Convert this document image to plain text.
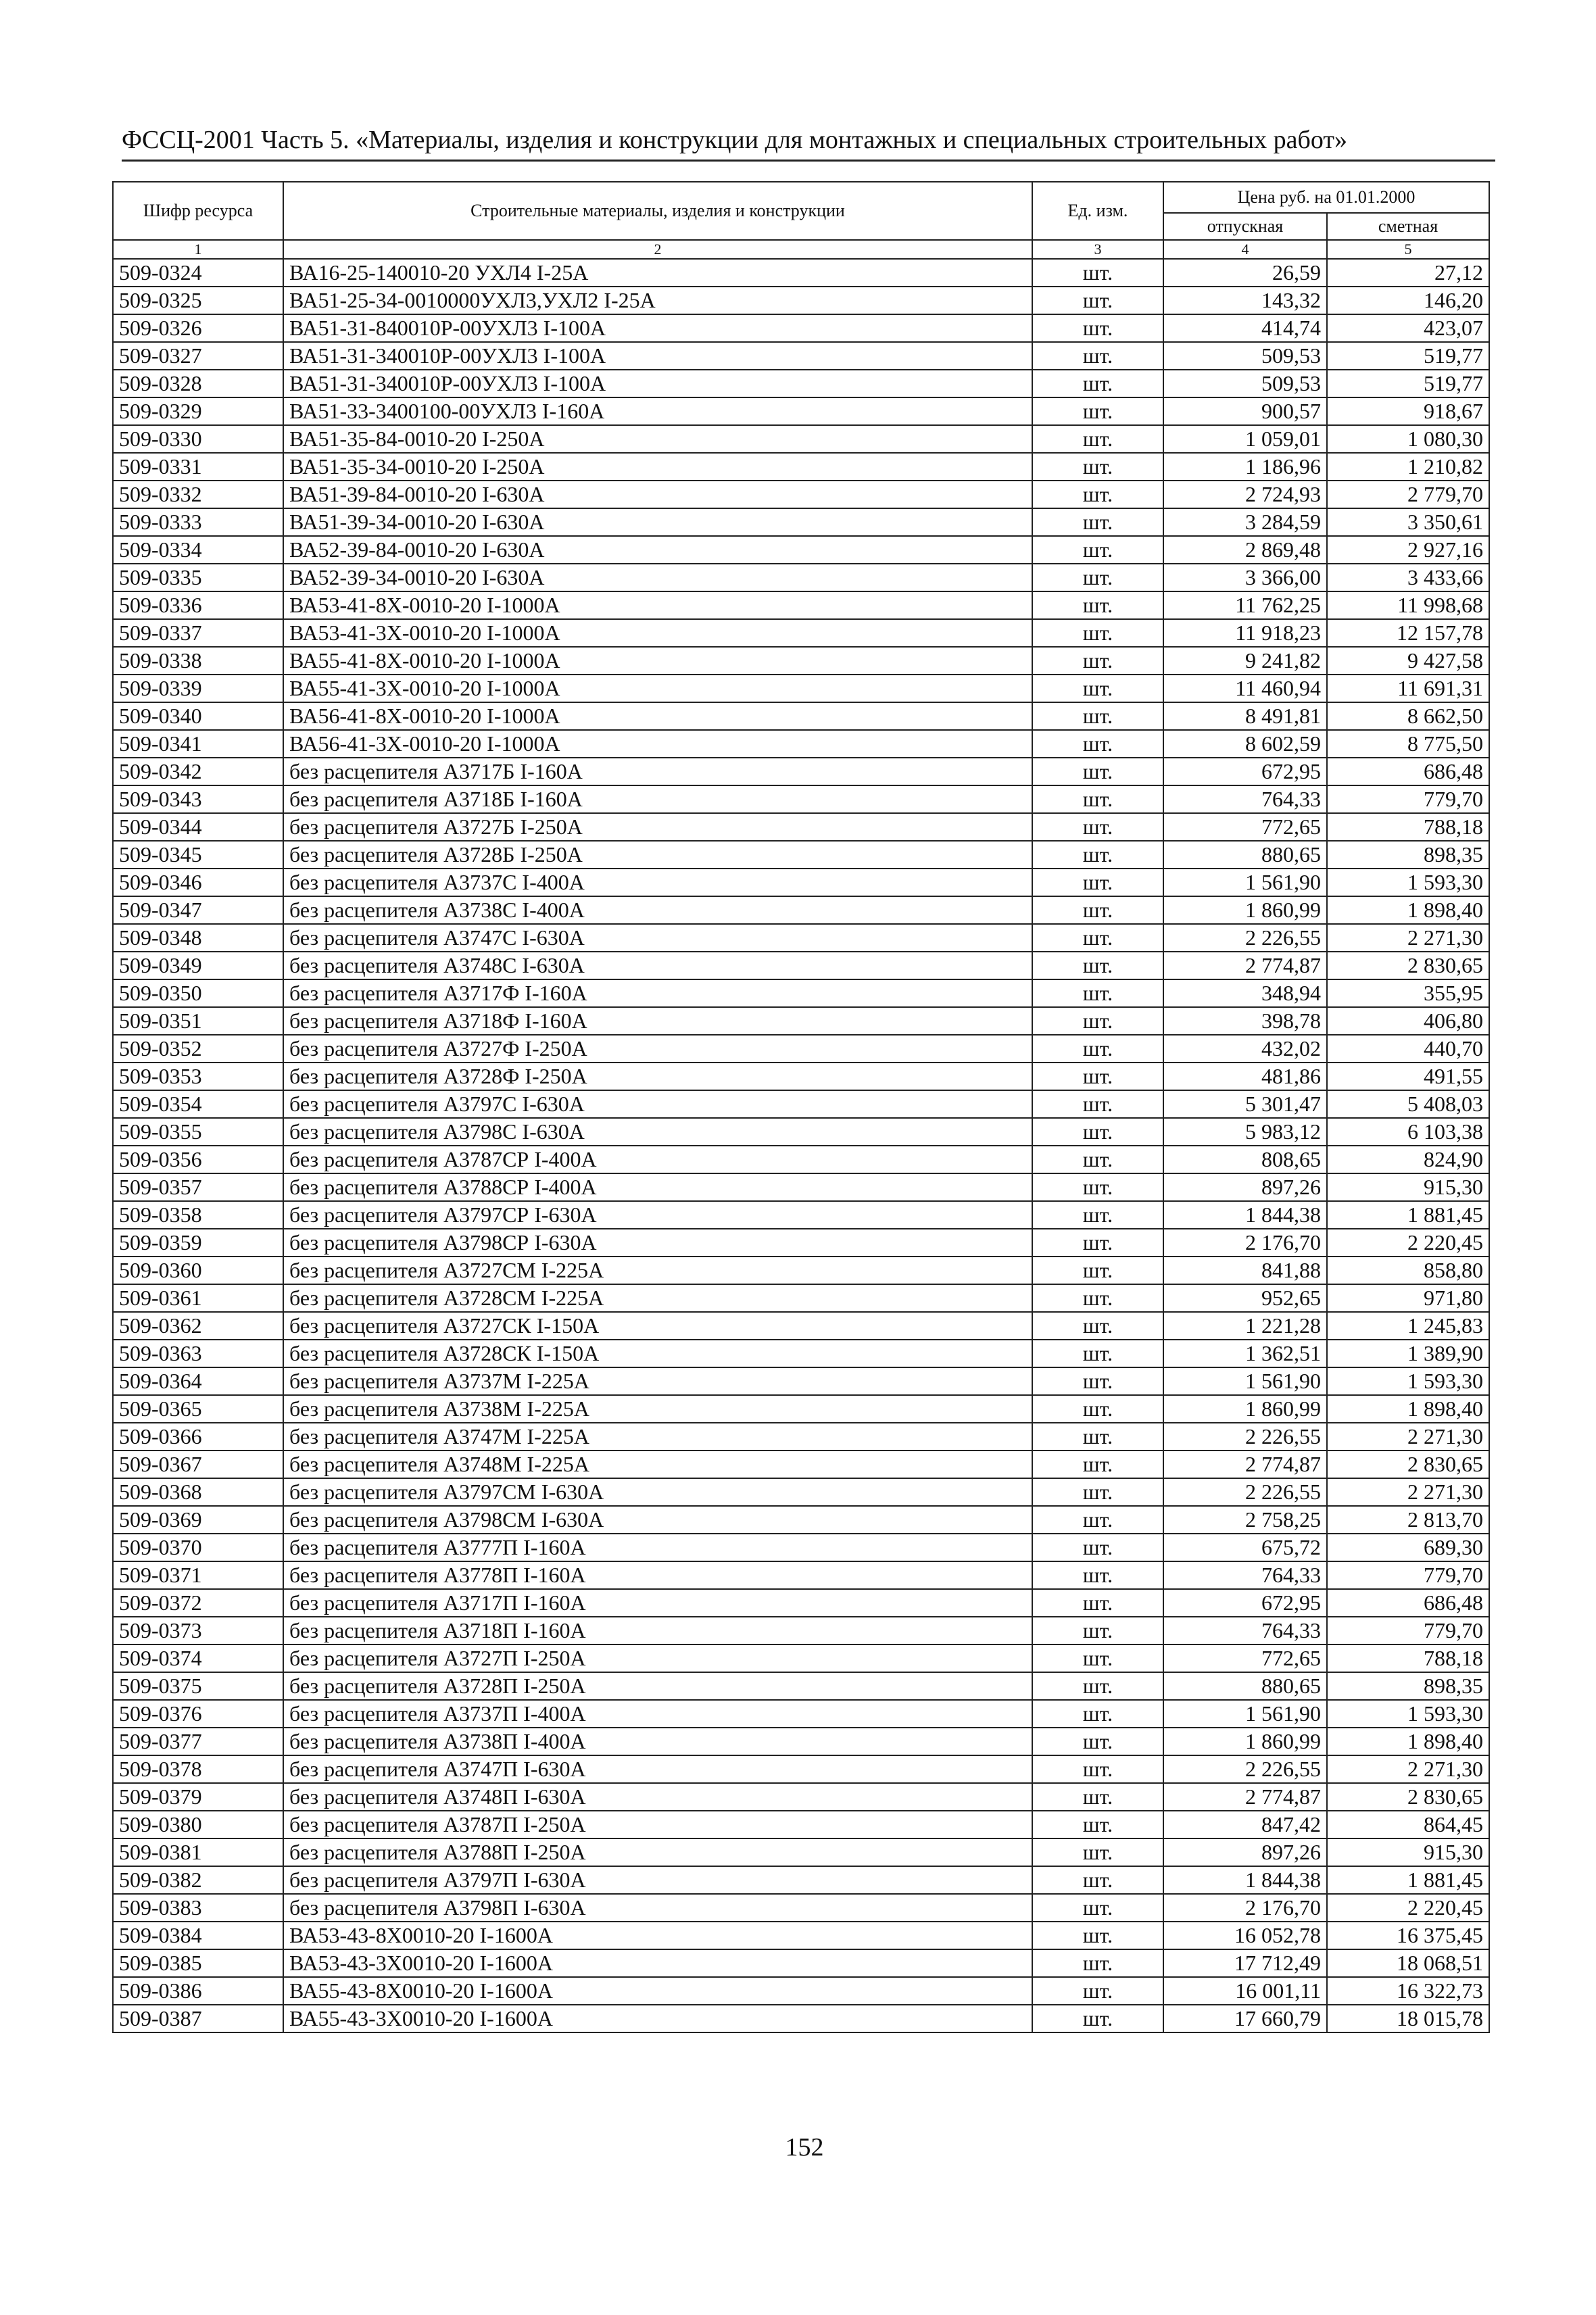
ФССЦ-2001 Часть 5. «Материалы, изделия и конструкции для монтажных и специальных строительных работ»
Шифр ресурса	Строительные материалы, изделия и конструкции	Ед. изм.	Цена руб. на 01.01.2000	
			отпускная	сметная
1	2	3	4	5
509-0324	ВА16-25-140010-20 УХЛ4 I-25А	шт.	26,59	27,12
509-0325	ВА51-25-34-0010000УХЛ3,УХЛ2 I-25А	шт.	143,32	146,20
509-0326	ВА51-31-840010Р-00УХЛ3 I-100А	шт.	414,74	423,07
509-0327	ВА51-31-340010Р-00УХЛ3 I-100А	шт.	509,53	519,77
509-0328	ВА51-31-340010Р-00УХЛ3 I-100А	шт.	509,53	519,77
509-0329	ВА51-33-3400100-00УХЛ3 I-160А	шт.	900,57	918,67
509-0330	ВА51-35-84-0010-20 I-250А	шт.	1 059,01	1 080,30
509-0331	ВА51-35-34-0010-20 I-250А	шт.	1 186,96	1 210,82
509-0332	ВА51-39-84-0010-20 I-630А	шт.	2 724,93	2 779,70
509-0333	ВА51-39-34-0010-20 I-630А	шт.	3 284,59	3 350,61
509-0334	ВА52-39-84-0010-20 I-630А	шт.	2 869,48	2 927,16
509-0335	ВА52-39-34-0010-20 I-630А	шт.	3 366,00	3 433,66
509-0336	ВА53-41-8Х-0010-20 I-1000А	шт.	11 762,25	11 998,68
509-0337	ВА53-41-3Х-0010-20 I-1000А	шт.	11 918,23	12 157,78
509-0338	ВА55-41-8Х-0010-20 I-1000А	шт.	9 241,82	9 427,58
509-0339	ВА55-41-3Х-0010-20 I-1000А	шт.	11 460,94	11 691,31
509-0340	ВА56-41-8Х-0010-20 I-1000А	шт.	8 491,81	8 662,50
509-0341	ВА56-41-3Х-0010-20 I-1000А	шт.	8 602,59	8 775,50
509-0342	без расцепителя А3717Б I-160А	шт.	672,95	686,48
509-0343	без расцепителя А3718Б I-160А	шт.	764,33	779,70
509-0344	без расцепителя А3727Б I-250А	шт.	772,65	788,18
509-0345	без расцепителя А3728Б I-250А	шт.	880,65	898,35
509-0346	без расцепителя А3737С I-400А	шт.	1 561,90	1 593,30
509-0347	без расцепителя А3738С I-400А	шт.	1 860,99	1 898,40
509-0348	без расцепителя А3747С I-630А	шт.	2 226,55	2 271,30
509-0349	без расцепителя А3748С I-630А	шт.	2 774,87	2 830,65
509-0350	без расцепителя А3717Ф I-160А	шт.	348,94	355,95
509-0351	без расцепителя А3718Ф I-160А	шт.	398,78	406,80
509-0352	без расцепителя А3727Ф I-250А	шт.	432,02	440,70
509-0353	без расцепителя А3728Ф I-250А	шт.	481,86	491,55
509-0354	без расцепителя А3797С I-630А	шт.	5 301,47	5 408,03
509-0355	без расцепителя А3798С I-630А	шт.	5 983,12	6 103,38
509-0356	без расцепителя А3787СР I-400А	шт.	808,65	824,90
509-0357	без расцепителя А3788СР I-400А	шт.	897,26	915,30
509-0358	без расцепителя А3797СР I-630А	шт.	1 844,38	1 881,45
509-0359	без расцепителя А3798СР I-630А	шт.	2 176,70	2 220,45
509-0360	без расцепителя А3727СМ I-225А	шт.	841,88	858,80
509-0361	без расцепителя А3728СМ I-225А	шт.	952,65	971,80
509-0362	без расцепителя А3727СК I-150А	шт.	1 221,28	1 245,83
509-0363	без расцепителя А3728СК I-150А	шт.	1 362,51	1 389,90
509-0364	без расцепителя А3737М I-225А	шт.	1 561,90	1 593,30
509-0365	без расцепителя А3738М I-225А	шт.	1 860,99	1 898,40
509-0366	без расцепителя А3747М I-225А	шт.	2 226,55	2 271,30
509-0367	без расцепителя А3748М I-225А	шт.	2 774,87	2 830,65
509-0368	без расцепителя А3797СМ I-630А	шт.	2 226,55	2 271,30
509-0369	без расцепителя А3798СМ I-630А	шт.	2 758,25	2 813,70
509-0370	без расцепителя А3777П I-160А	шт.	675,72	689,30
509-0371	без расцепителя А3778П I-160А	шт.	764,33	779,70
509-0372	без расцепителя А3717П I-160А	шт.	672,95	686,48
509-0373	без расцепителя А3718П I-160А	шт.	764,33	779,70
509-0374	без расцепителя А3727П I-250А	шт.	772,65	788,18
509-0375	без расцепителя А3728П I-250А	шт.	880,65	898,35
509-0376	без расцепителя А3737П I-400А	шт.	1 561,90	1 593,30
509-0377	без расцепителя А3738П I-400А	шт.	1 860,99	1 898,40
509-0378	без расцепителя А3747П I-630А	шт.	2 226,55	2 271,30
509-0379	без расцепителя А3748П I-630А	шт.	2 774,87	2 830,65
509-0380	без расцепителя А3787П I-250А	шт.	847,42	864,45
509-0381	без расцепителя А3788П I-250А	шт.	897,26	915,30
509-0382	без расцепителя А3797П I-630А	шт.	1 844,38	1 881,45
509-0383	без расцепителя А3798П I-630А	шт.	2 176,70	2 220,45
509-0384	ВА53-43-8Х0010-20 I-1600А	шт.	16 052,78	16 375,45
509-0385	ВА53-43-3Х0010-20 I-1600А	шт.	17 712,49	18 068,51
509-0386	ВА55-43-8Х0010-20 I-1600А	шт.	16 001,11	16 322,73
509-0387	ВА55-43-3Х0010-20 I-1600А	шт.	17 660,79	18 015,78
152
